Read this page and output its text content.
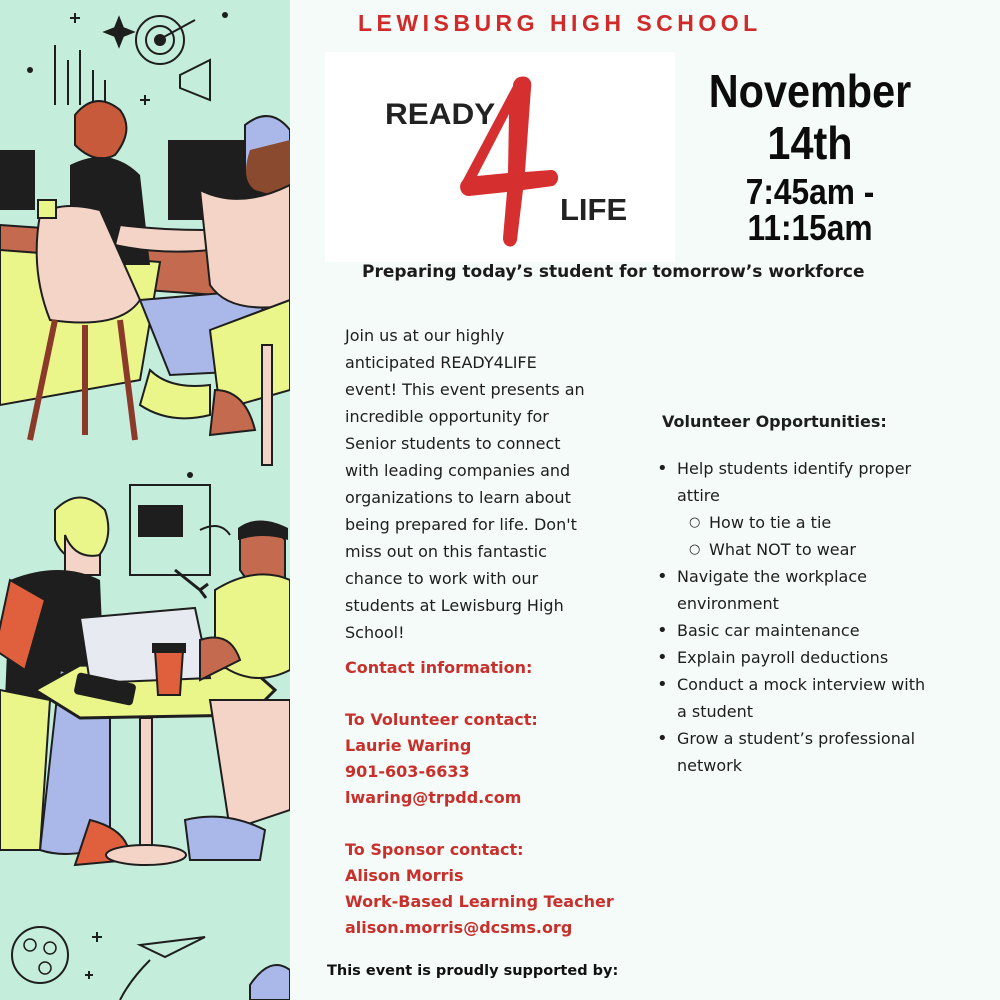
LEWISBURG HIGH SCHOOL
READY
LIFE
November
14th
7:45am - 11:15am
Preparing today’s student for tomorrow’s workforce
Join us at our highly
anticipated READY4LIFE
event! This event presents an
incredible opportunity for
Senior students to connect
with leading companies and
organizations to learn about
being prepared for life. Don't
miss out on this fantastic
chance to work with our
students at Lewisburg High
School!
Contact information:
To Volunteer contact:
Laurie Waring
901-603-6633
lwaring@trpdd.com
To Sponsor contact:
Alison Morris
Work-Based Learning Teacher
alison.morris@dcsms.org
Volunteer Opportunities:
• Help students identify proper
attire
○ How to tie a tie
○ What NOT to wear
• Navigate the workplace
environment
• Basic car maintenance
• Explain payroll deductions
• Conduct a mock interview with
a student
• Grow a student’s professional
network
This event is proudly supported by:
